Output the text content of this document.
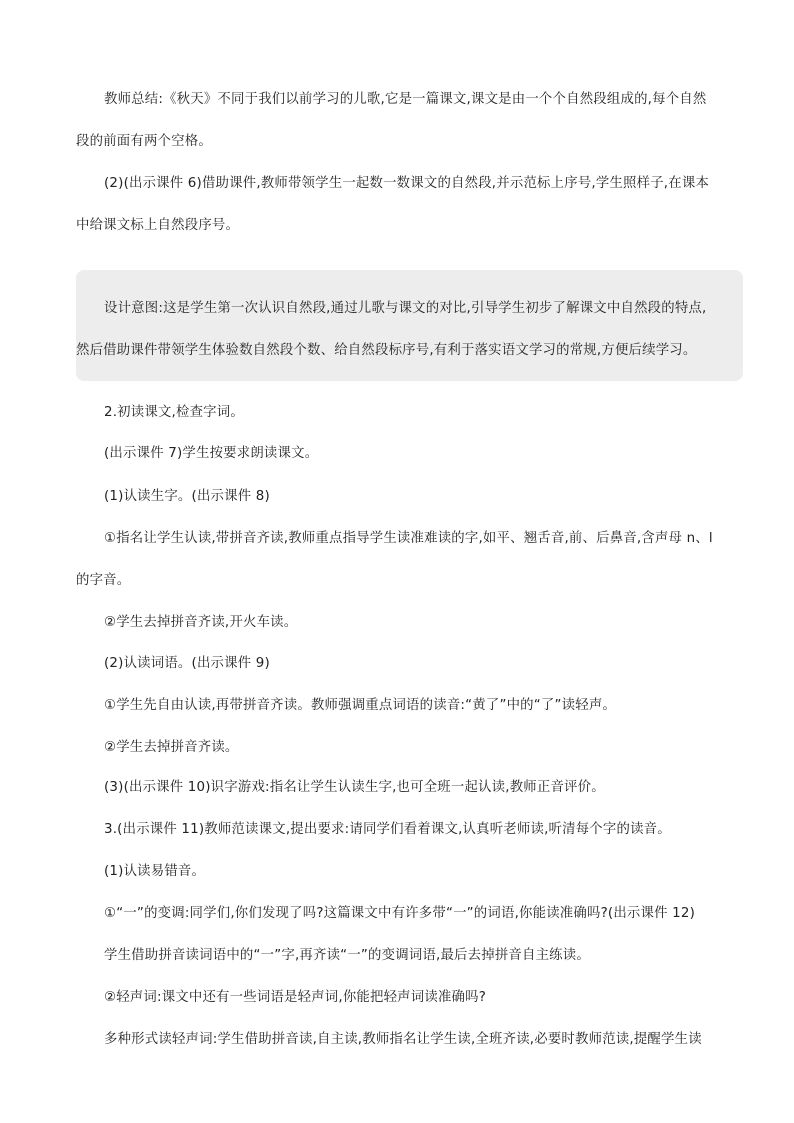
教师总结:《秋天》不同于我们以前学习的儿歌,它是一篇课文,课文是由一个个自然段组成的,每个自然
段的前面有两个空格。
(2)(出示课件 6)借助课件,教师带领学生一起数一数课文的自然段,并示范标上序号,学生照样子,在课本
中给课文标上自然段序号。
设计意图:这是学生第一次认识自然段,通过儿歌与课文的对比,引导学生初步了解课文中自然段的特点,
然后借助课件带领学生体验数自然段个数、给自然段标序号,有利于落实语文学习的常规,方便后续学习。
2.初读课文,检查字词。
(出示课件 7)学生按要求朗读课文。
(1)认读生字。(出示课件 8)
①指名让学生认读,带拼音齐读,教师重点指导学生读准难读的字,如平、翘舌音,前、后鼻音,含声母 n、l
的字音。
②学生去掉拼音齐读,开火车读。
(2)认读词语。(出示课件 9)
①学生先自由认读,再带拼音齐读。教师强调重点词语的读音:“黄了”中的“了”读轻声。
②学生去掉拼音齐读。
(3)(出示课件 10)识字游戏:指名让学生认读生字,也可全班一起认读,教师正音评价。
3.(出示课件 11)教师范读课文,提出要求:请同学们看着课文,认真听老师读,听清每个字的读音。
(1)认读易错音。
①“一”的变调:同学们,你们发现了吗?这篇课文中有许多带“一”的词语,你能读准确吗?(出示课件 12)
学生借助拼音读词语中的“一”字,再齐读“一”的变调词语,最后去掉拼音自主练读。
②轻声词:课文中还有一些词语是轻声词,你能把轻声词读准确吗?
多种形式读轻声词:学生借助拼音读,自主读,教师指名让学生读,全班齐读,必要时教师范读,提醒学生读
